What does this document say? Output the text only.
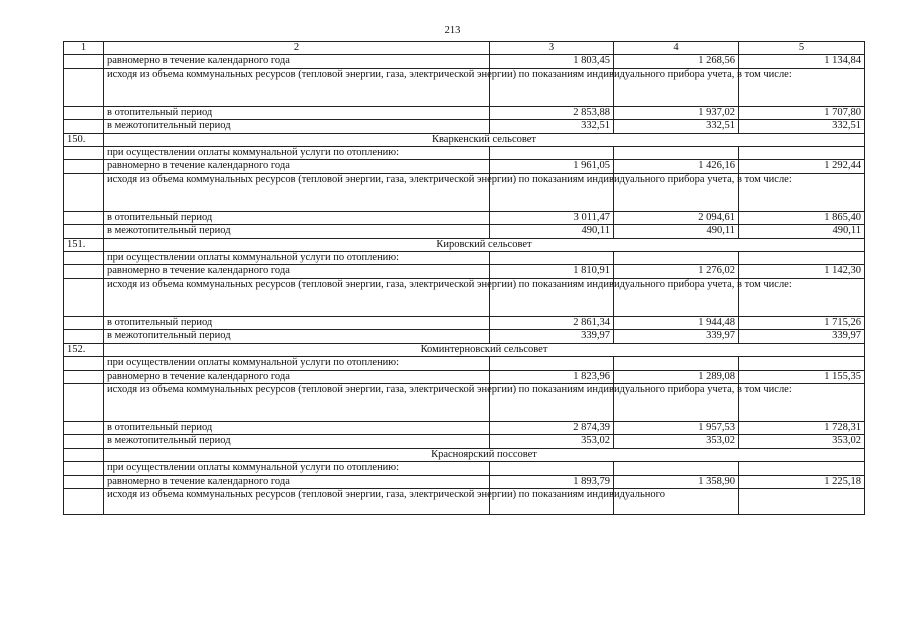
213
1	2	3	4	5
	равномерно в течение календарного года	1 803,45	1 268,56	1 134,84
	исходя из объема коммунальных ресурсов (тепловой энергии, газа, электрической энергии) по показаниям индивидуального прибора учета, в том числе:			
	в отопительный период	2 853,88	1 937,02	1 707,80
	в межотопительный период	332,51	332,51	332,51
150.	Кваркенский сельсовет			
	при осуществлении оплаты коммунальной услуги по отоплению:			
	равномерно в течение календарного года	1 961,05	1 426,16	1 292,44
	исходя из объема коммунальных ресурсов (тепловой энергии, газа, электрической энергии) по показаниям индивидуального прибора учета, в том числе:			
	в отопительный период	3 011,47	2 094,61	1 865,40
	в межотопительный период	490,11	490,11	490,11
151.	Кировский сельсовет			
	при осуществлении оплаты коммунальной услуги по отоплению:			
	равномерно в течение календарного года	1 810,91	1 276,02	1 142,30
	исходя из объема коммунальных ресурсов (тепловой энергии, газа, электрической энергии) по показаниям индивидуального прибора учета, в том числе:			
	в отопительный период	2 861,34	1 944,48	1 715,26
	в межотопительный период	339,97	339,97	339,97
152.	Коминтерновский сельсовет			
	при осуществлении оплаты коммунальной услуги по отоплению:			
	равномерно в течение календарного года	1 823,96	1 289,08	1 155,35
	исходя из объема коммунальных ресурсов (тепловой энергии, газа, электрической энергии) по показаниям индивидуального прибора учета, в том числе:			
	в отопительный период	2 874,39	1 957,53	1 728,31
	в межотопительный период	353,02	353,02	353,02
	Красноярский поссовет			
	при осуществлении оплаты коммунальной услуги по отоплению:			
	равномерно в течение календарного года	1 893,79	1 358,90	1 225,18
	исходя из объема коммунальных ресурсов (тепловой энергии, газа, электрической энергии) по показаниям индивидуального			
